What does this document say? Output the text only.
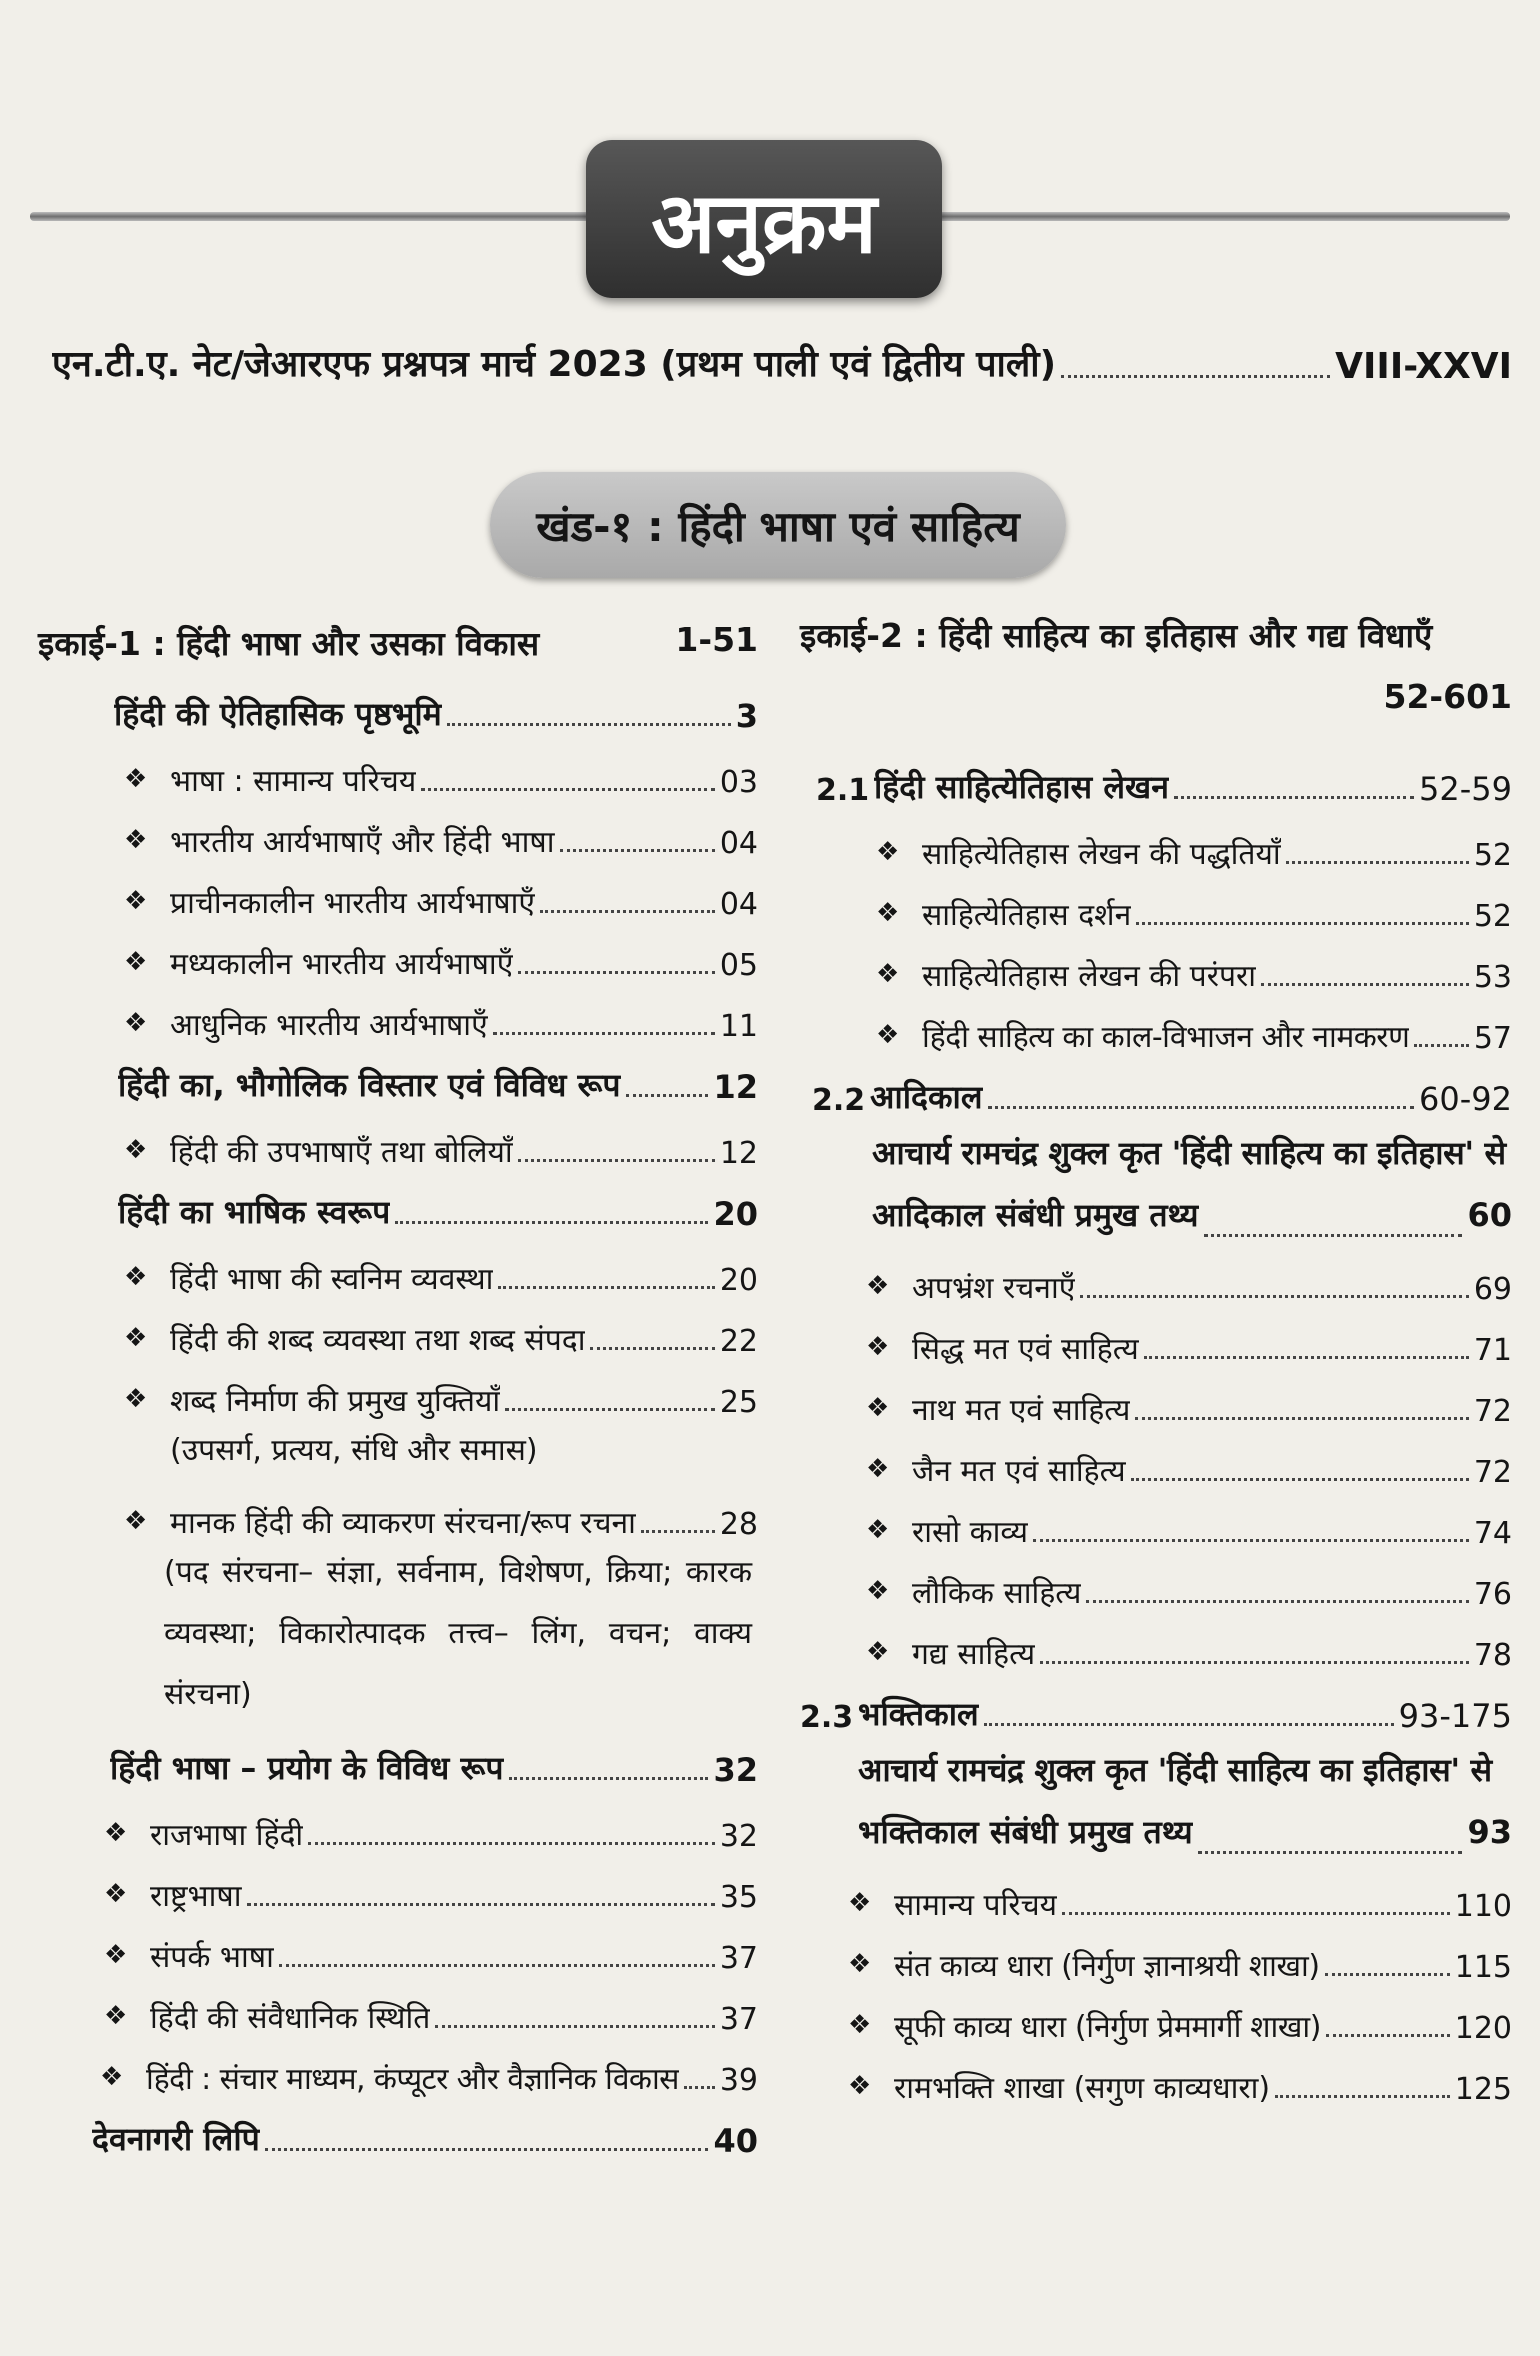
अनुक्रम
एन.टी.ए. नेट/जेआरएफ प्रश्नपत्र मार्च 2023 (प्रथम पाली एवं द्वितीय पाली)	VIII-XXVI
खंड-१ : हिंदी भाषा एवं साहित्य
इकाई-1 : हिंदी भाषा और उसका विकास	1-51
हिंदी की ऐतिहासिक पृष्ठभूमि	3
❖ भाषा : सामान्य परिचय	03
❖ भारतीय आर्यभाषाएँ और हिंदी भाषा	04
❖ प्राचीनकालीन भारतीय आर्यभाषाएँ	04
❖ मध्यकालीन भारतीय आर्यभाषाएँ	05
❖ आधुनिक भारतीय आर्यभाषाएँ	11
हिंदी का, भौगोलिक विस्तार एवं विविध रूप	12
❖ हिंदी की उपभाषाएँ तथा बोलियाँ	12
हिंदी का भाषिक स्वरूप	20
❖ हिंदी भाषा की स्वनिम व्यवस्था	20
❖ हिंदी की शब्द व्यवस्था तथा शब्द संपदा	22
❖ शब्द निर्माण की प्रमुख युक्तियाँ	25
(उपसर्ग, प्रत्यय, संधि और समास)
❖ मानक हिंदी की व्याकरण संरचना/रूप रचना	28
(पद संरचना– संज्ञा, सर्वनाम, विशेषण, क्रिया; कारक व्यवस्था; विकारोत्पादक तत्त्व– लिंग, वचन; वाक्य संरचना)
हिंदी भाषा – प्रयोग के विविध रूप	32
❖ राजभाषा हिंदी	32
❖ राष्ट्रभाषा	35
❖ संपर्क भाषा	37
❖ हिंदी की संवैधानिक स्थिति	37
❖ हिंदी : संचार माध्यम, कंप्यूटर और वैज्ञानिक विकास 39
देवनागरी लिपि	40
इकाई-2 : हिंदी साहित्य का इतिहास और गद्य विधाएँ
52-601
2.1 हिंदी साहित्येतिहास लेखन	52-59
❖ साहित्येतिहास लेखन की पद्धतियाँ	52
❖ साहित्येतिहास दर्शन	52
❖ साहित्येतिहास लेखन की परंपरा	53
❖ हिंदी साहित्य का काल-विभाजन और नामकरण 57
2.2 आदिकाल	60-92
आचार्य रामचंद्र शुक्ल कृत 'हिंदी साहित्य का इतिहास' से
आदिकाल संबंधी प्रमुख तथ्य	60
❖ अपभ्रंश रचनाएँ	69
❖ सिद्ध मत एवं साहित्य	71
❖ नाथ मत एवं साहित्य	72
❖ जैन मत एवं साहित्य	72
❖ रासो काव्य	74
❖ लौकिक साहित्य	76
❖ गद्य साहित्य	78
2.3 भक्तिकाल	93-175
आचार्य रामचंद्र शुक्ल कृत 'हिंदी साहित्य का इतिहास' से
भक्तिकाल संबंधी प्रमुख तथ्य	93
❖ सामान्य परिचय	110
❖ संत काव्य धारा (निर्गुण ज्ञानाश्रयी शाखा)	115
❖ सूफी काव्य धारा (निर्गुण प्रेममार्गी शाखा)	120
❖ रामभक्ति शाखा (सगुण काव्यधारा)	125
